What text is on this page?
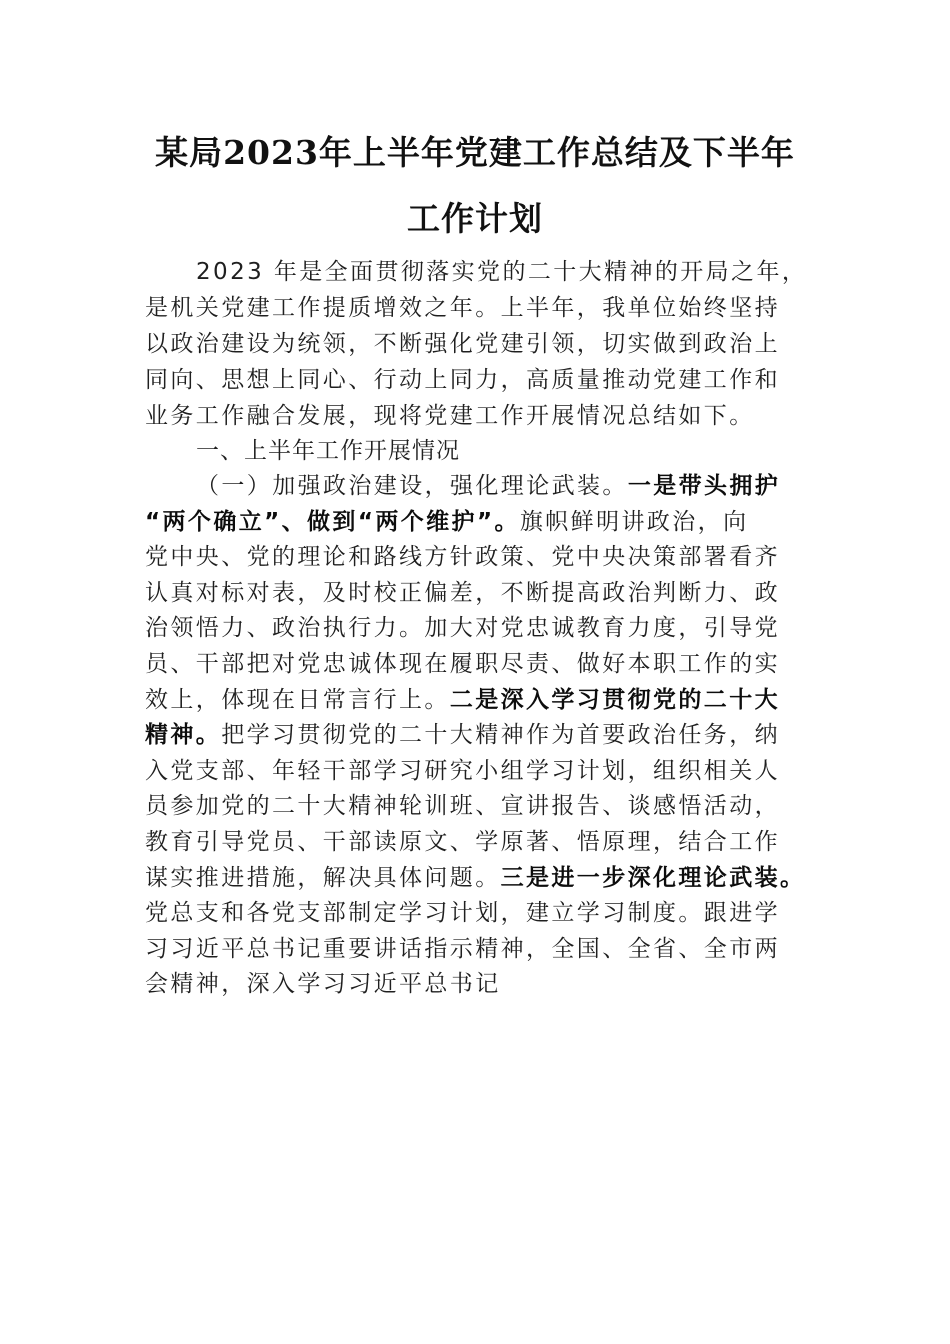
某局2023年上半年党建工作总结及下半年
工作计划
2023 年是全面贯彻落实党的二十大精神的开局之年，
是机关党建工作提质增效之年。上半年，我单位始终坚持
以政治建设为统领，不断强化党建引领，切实做到政治上
同向、思想上同心、行动上同力，高质量推动党建工作和
业务工作融合发展，现将党建工作开展情况总结如下。
一、上半年工作开展情况
（一）加强政治建设，强化理论武装。一是带头拥护
“两个确立”、做到“两个维护”。旗帜鲜明讲政治，向
党中央、党的理论和路线方针政策、党中央决策部署看齐
认真对标对表，及时校正偏差，不断提高政治判断力、政
治领悟力、政治执行力。加大对党忠诚教育力度，引导党
员、干部把对党忠诚体现在履职尽责、做好本职工作的实
效上，体现在日常言行上。二是深入学习贯彻党的二十大
精神。把学习贯彻党的二十大精神作为首要政治任务，纳
入党支部、年轻干部学习研究小组学习计划，组织相关人
员参加党的二十大精神轮训班、宣讲报告、谈感悟活动，
教育引导党员、干部读原文、学原著、悟原理，结合工作
谋实推进措施，解决具体问题。三是进一步深化理论武装。
党总支和各党支部制定学习计划，建立学习制度。跟进学
习习近平总书记重要讲话指示精神，全国、全省、全市两
会精神，深入学习习近平总书记
